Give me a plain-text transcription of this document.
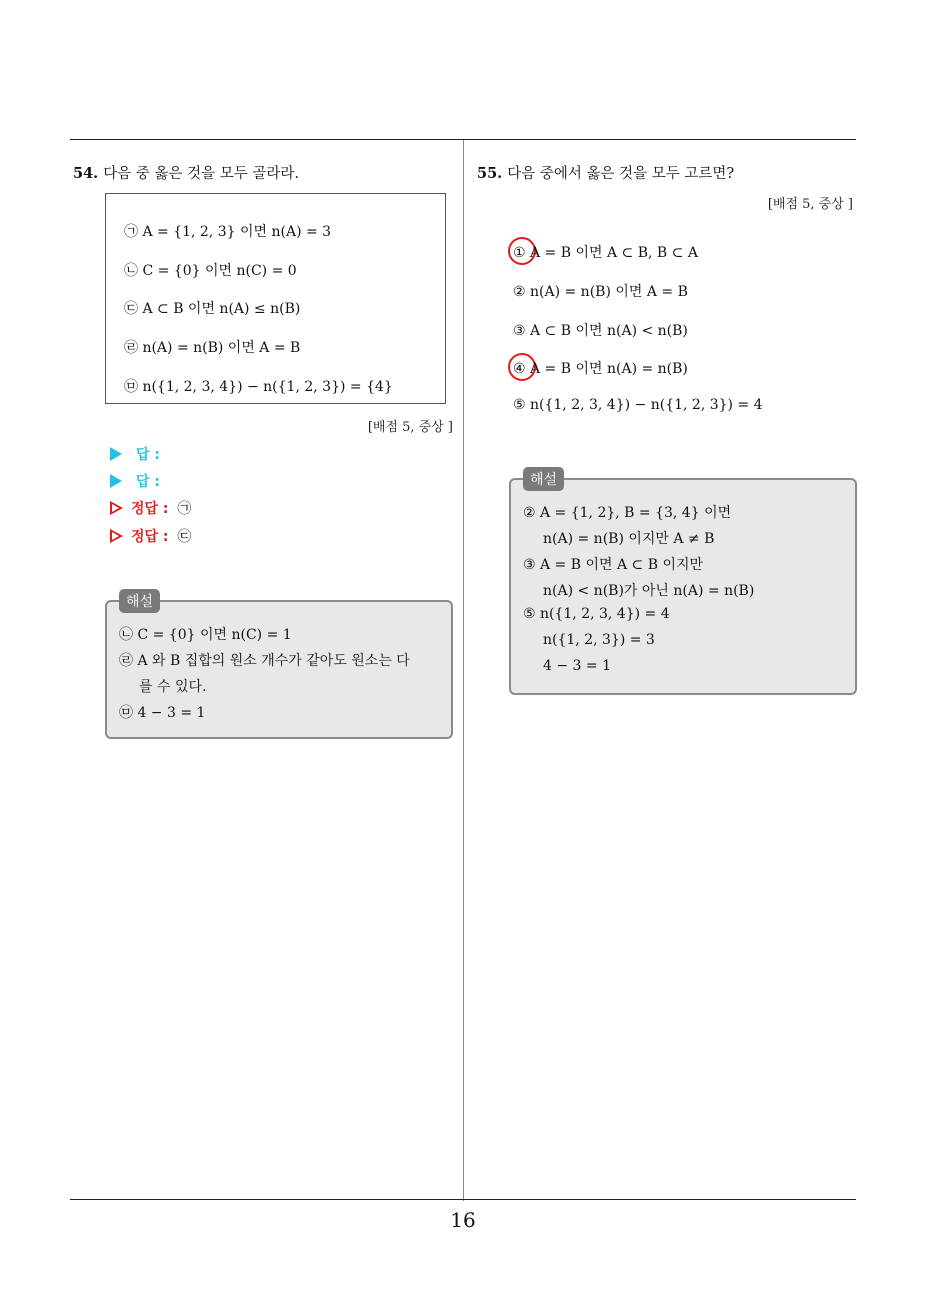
54. 다음 중 옳은 것을 모두 골라라.
㉠ A = {1, 2, 3} 이면 n(A) = 3
㉡ C = {0} 이면 n(C) = 0
㉢ A ⊂ B 이면 n(A) ≤ n(B)
㉣ n(A) = n(B) 이면 A = B
㉤ n({1, 2, 3, 4}) − n({1, 2, 3}) = {4}
[배점 5, 중상 ]
답 :
답 :
정답 : ㉠
정답 : ㉢
해설
㉡ C = {0} 이면 n(C) = 1
㉣ A 와 B 집합의 원소 개수가 같아도 원소는 다
를 수 있다.
㉤ 4 − 3 = 1
55. 다음 중에서 옳은 것을 모두 고르면?
[배점 5, 중상 ]
① A = B 이면 A ⊂ B, B ⊂ A
② n(A) = n(B) 이면 A = B
③ A ⊂ B 이면 n(A) < n(B)
④ A = B 이면 n(A) = n(B)
⑤ n({1, 2, 3, 4}) − n({1, 2, 3}) = 4
해설
② A = {1, 2}, B = {3, 4} 이면
n(A) = n(B) 이지만 A ≠ B
③ A = B 이면 A ⊂ B 이지만
n(A) < n(B)가 아닌 n(A) = n(B)
⑤ n({1, 2, 3, 4}) = 4
n({1, 2, 3}) = 3
4 − 3 = 1
16
